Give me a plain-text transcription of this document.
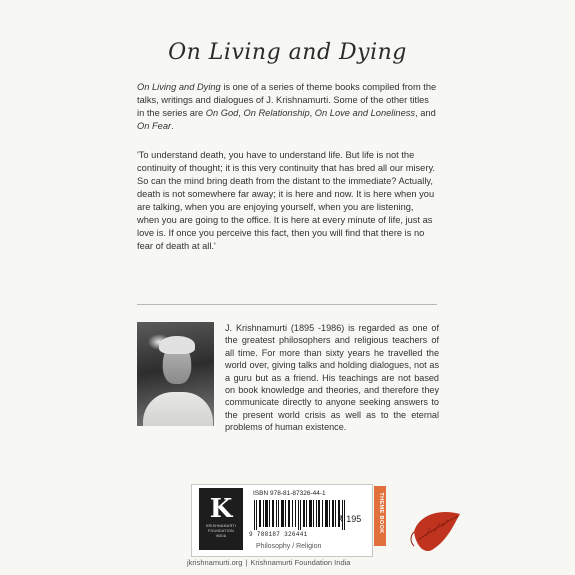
On Living and Dying
On Living and Dying is one of a series of theme books compiled from the talks, writings and dialogues of J. Krishnamurti. Some of the other titles in the series are On God, On Relationship, On Love and Loneliness, and On Fear.
'To understand death, you have to understand life. But life is not the continuity of thought; it is this very continuity that has bred all our misery. So can the mind bring death from the distant to the immediate? Actually, death is not somewhere far away; it is here and now. It is here when you are talking, when you are enjoying yourself, when you are listening, when you are going to the office. It is here at every minute of life, just as love is. If once you perceive this fact, then you will find that there is no fear of death at all.'
J. Krishnamurti (1895 -1986) is regarded as one of the greatest philosophers and religious teachers of all time. For more than sixty years he travelled the world over, giving talks and holding dialogues, not as a guru but as a friend. His teachings are not based on book knowledge and theories, and therefore they communicate directly to anyone seeking answers to the present world crisis as well as to the eternal problems of human existence.
K
KRISHNAMURTI FOUNDATION
INDIA
ISBN 978-81-87326-44-1
9 788187 326441
₹ 195
Philosophy / Religion
THEME BOOK
jkrishnamurti.org | Krishnamurti Foundation India
